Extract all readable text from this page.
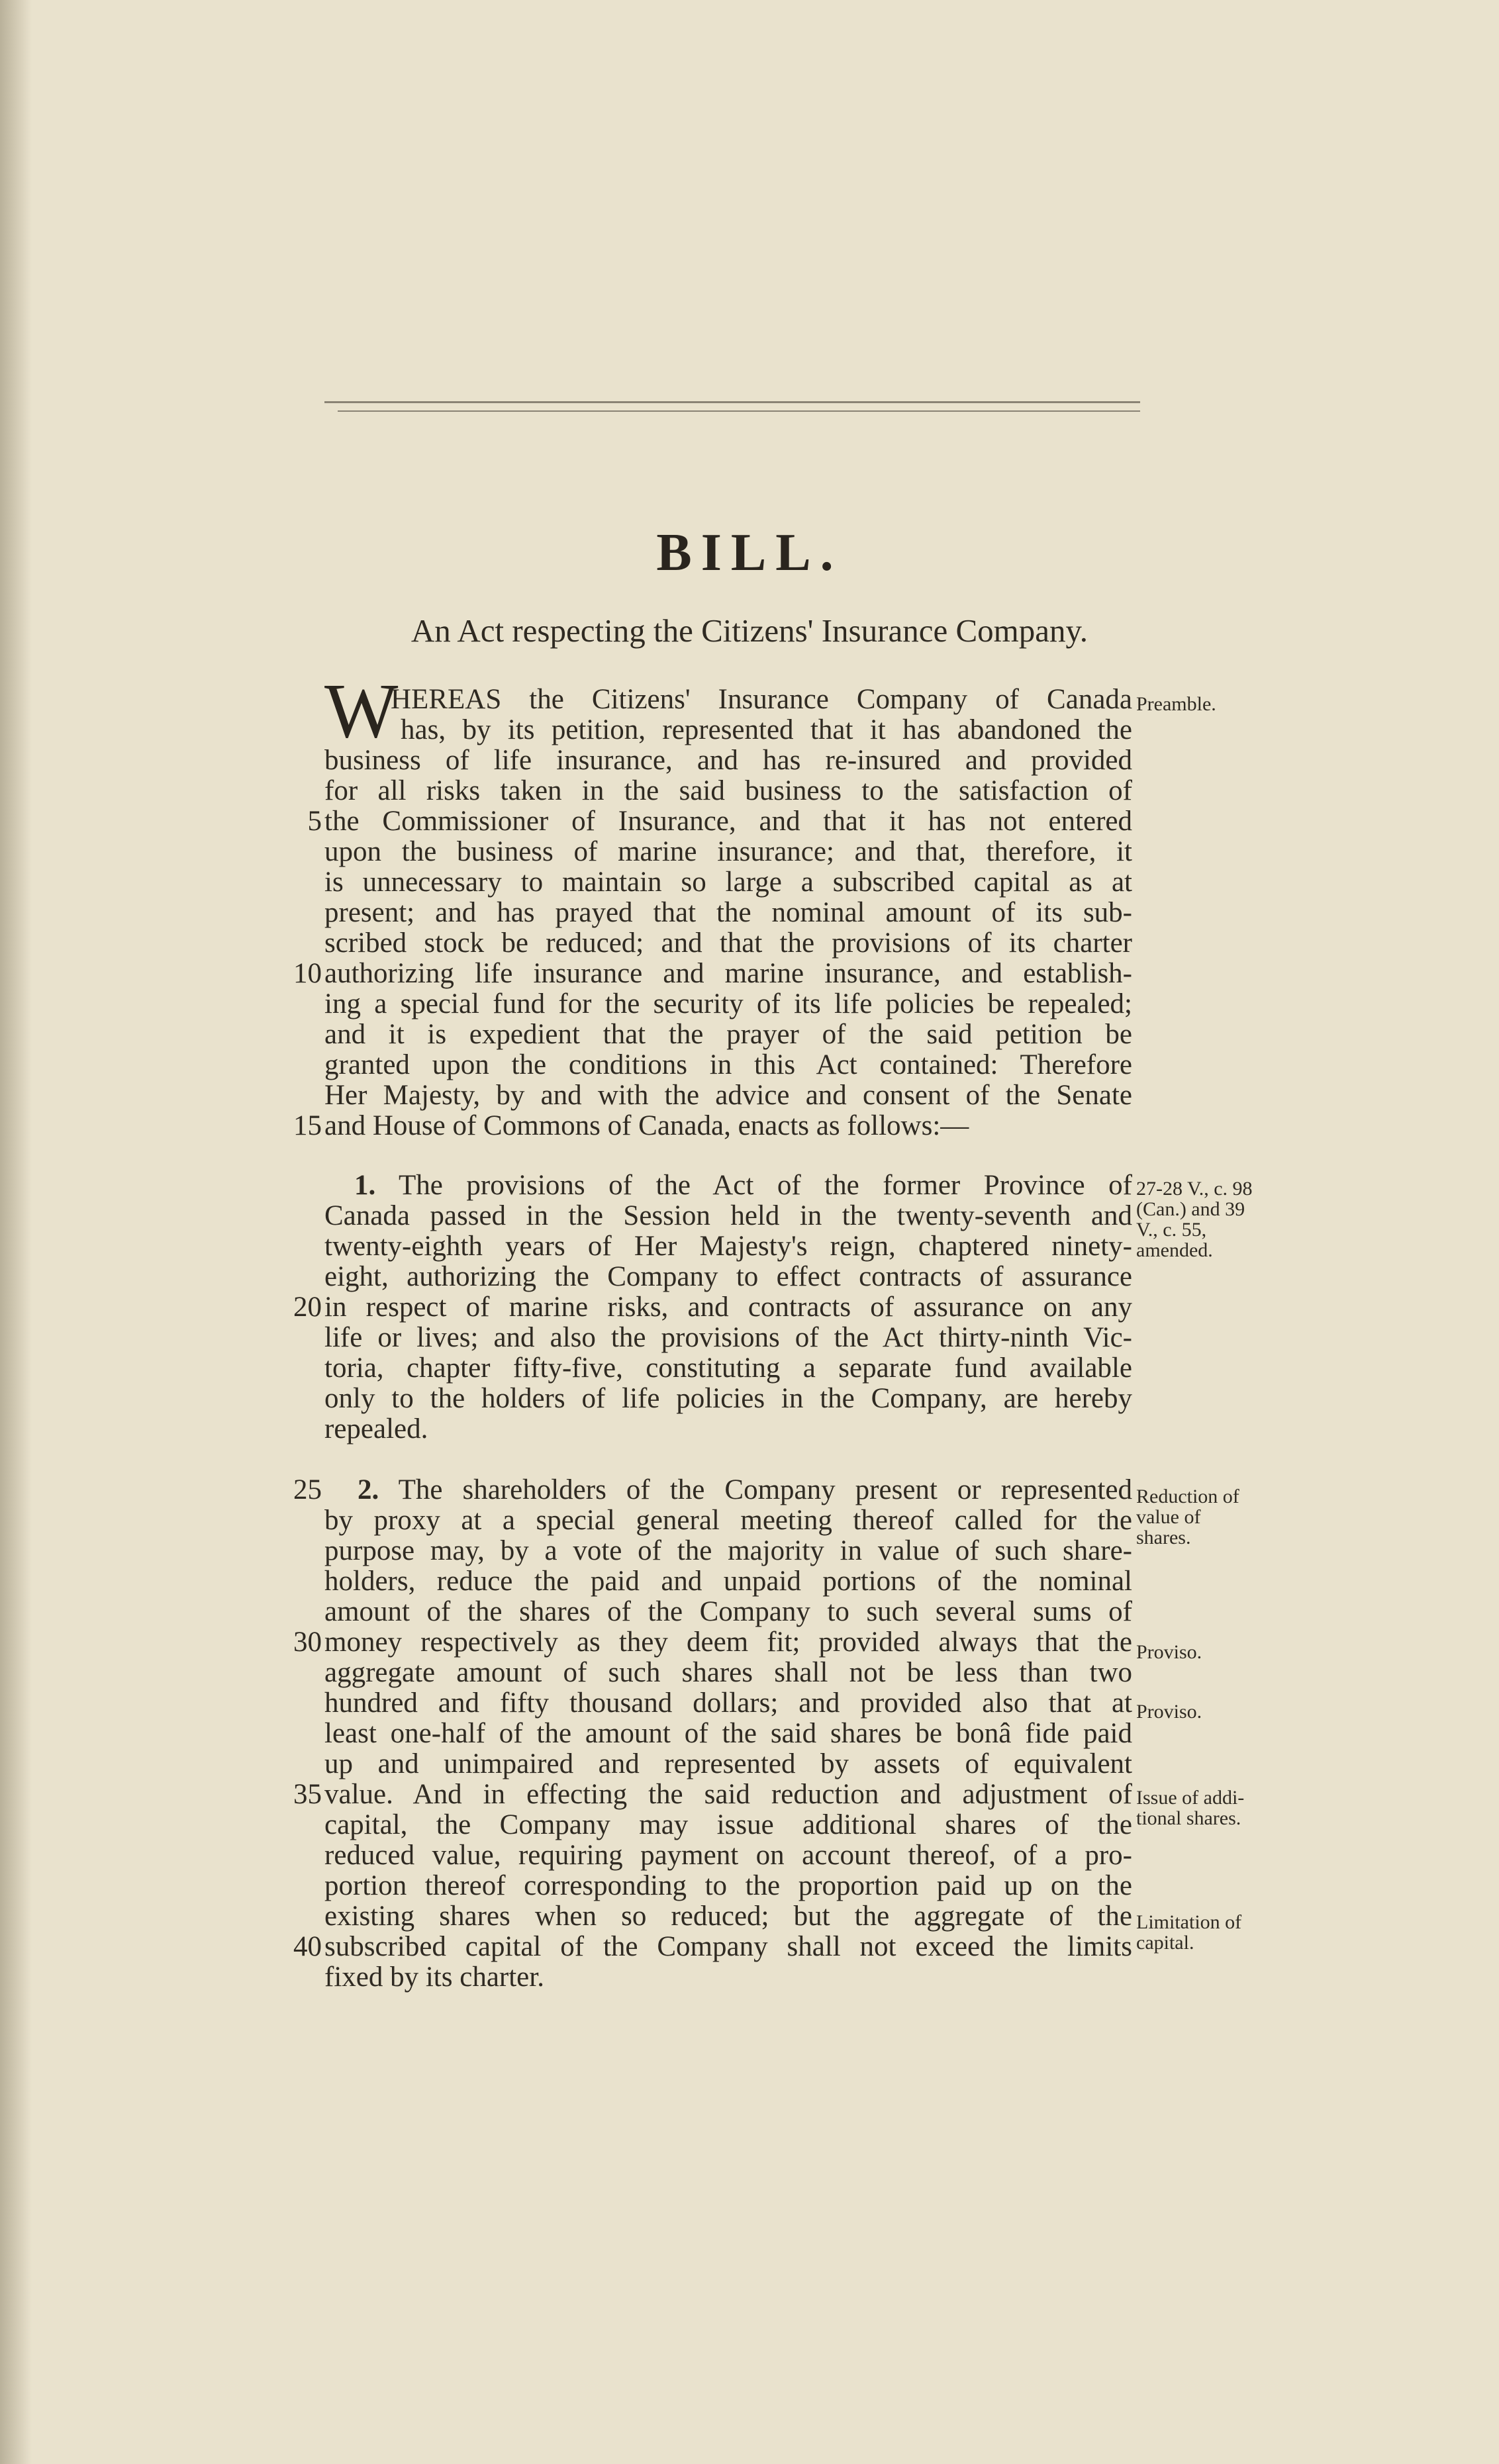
BILL.
An Act respecting the Citizens' Insurance Company.
W
HEREAS the Citizens' Insurance Company of Canada
has, by its petition, represented that it has abandoned the
business of life insurance, and has re-insured and provided
for all risks taken in the said business to the satisfaction of
the Commissioner of Insurance, and that it has not entered
upon the business of marine insurance; and that, therefore, it
is unnecessary to maintain so large a subscribed capital as at
present; and has prayed that the nominal amount of its sub-
scribed stock be reduced; and that the provisions of its charter
authorizing life insurance and marine insurance, and establish-
ing a special fund for the security of its life policies be repealed;
and it is expedient that the prayer of the said petition be
granted upon the conditions in this Act contained: Therefore
Her Majesty, by and with the advice and consent of the Senate
and House of Commons of Canada, enacts as follows:—
1. The provisions of the Act of the former Province of
Canada passed in the Session held in the twenty-seventh and
twenty-eighth years of Her Majesty's reign, chaptered ninety-
eight, authorizing the Company to effect contracts of assurance
in respect of marine risks, and contracts of assurance on any
life or lives; and also the provisions of the Act thirty-ninth Vic-
toria, chapter fifty-five, constituting a separate fund available
only to the holders of life policies in the Company, are hereby
repealed.
2. The shareholders of the Company present or represented
by proxy at a special general meeting thereof called for the
purpose may, by a vote of the majority in value of such share-
holders, reduce the paid and unpaid portions of the nominal
amount of the shares of the Company to such several sums of
money respectively as they deem fit; provided always that the
aggregate amount of such shares shall not be less than two
hundred and fifty thousand dollars; and provided also that at
least one-half of the amount of the said shares be bonâ fide paid
up and unimpaired and represented by assets of equivalent
value. And in effecting the said reduction and adjustment of
capital, the Company may issue additional shares of the
reduced value, requiring payment on account thereof, of a pro-
portion thereof corresponding to the proportion paid up on the
existing shares when so reduced; but the aggregate of the
subscribed capital of the Company shall not exceed the limits
fixed by its charter.
5
10
15
20
25
30
35
40
Preamble.
27-28 V., c. 98
(Can.) and 39
V., c. 55,
amended.
Reduction of
value of
shares.
Proviso.
Proviso.
Issue of addi-
tional shares.
Limitation of
capital.
